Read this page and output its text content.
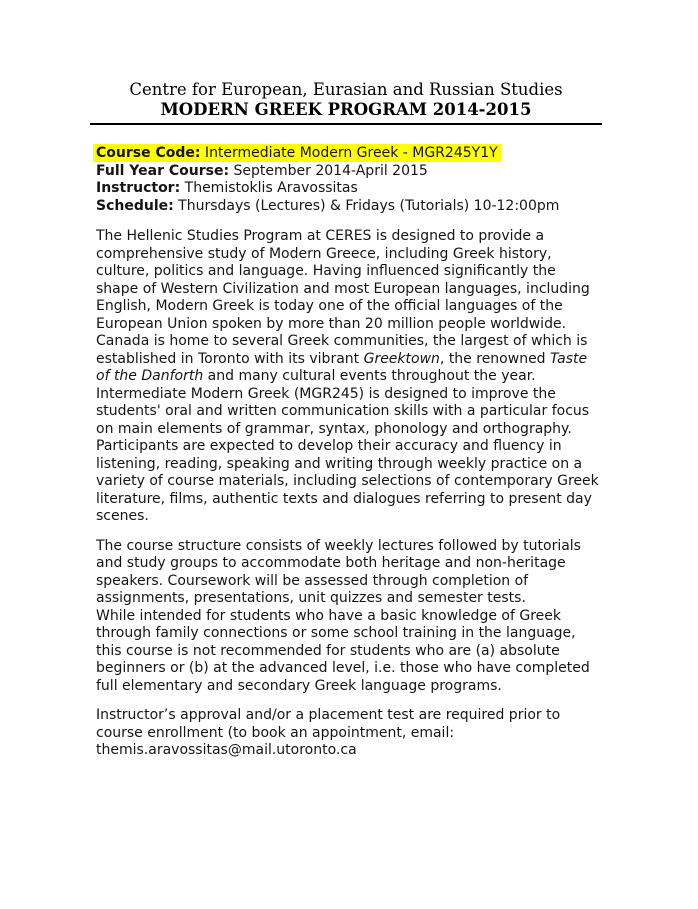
Centre for European, Eurasian and Russian Studies
MODERN GREEK PROGRAM 2014-2015
Course Code: Intermediate Modern Greek - MGR245Y1Y
Full Year Course: September 2014-April 2015
Instructor: Themistoklis Aravossitas
Schedule: Thursdays (Lectures) & Fridays (Tutorials) 10-12:00pm
The Hellenic Studies Program at CERES is designed to provide a
comprehensive study of Modern Greece, including Greek history,
culture, politics and language. Having influenced significantly the
shape of Western Civilization and most European languages, including
English, Modern Greek is today one of the official languages of the
European Union spoken by more than 20 million people worldwide.
Canada is home to several Greek communities, the largest of which is
established in Toronto with its vibrant Greektown, the renowned Taste
of the Danforth and many cultural events throughout the year.
Intermediate Modern Greek (MGR245) is designed to improve the
students' oral and written communication skills with a particular focus
on main elements of grammar, syntax, phonology and orthography.
Participants are expected to develop their accuracy and fluency in
listening, reading, speaking and writing through weekly practice on a
variety of course materials, including selections of contemporary Greek
literature, films, authentic texts and dialogues referring to present day
scenes.
The course structure consists of weekly lectures followed by tutorials
and study groups to accommodate both heritage and non-heritage
speakers. Coursework will be assessed through completion of
assignments, presentations, unit quizzes and semester tests.
While intended for students who have a basic knowledge of Greek
through family connections or some school training in the language,
this course is not recommended for students who are (a) absolute
beginners or (b) at the advanced level, i.e. those who have completed
full elementary and secondary Greek language programs.
Instructor’s approval and/or a placement test are required prior to
course enrollment (to book an appointment, email:
themis.aravossitas@mail.utoronto.ca
